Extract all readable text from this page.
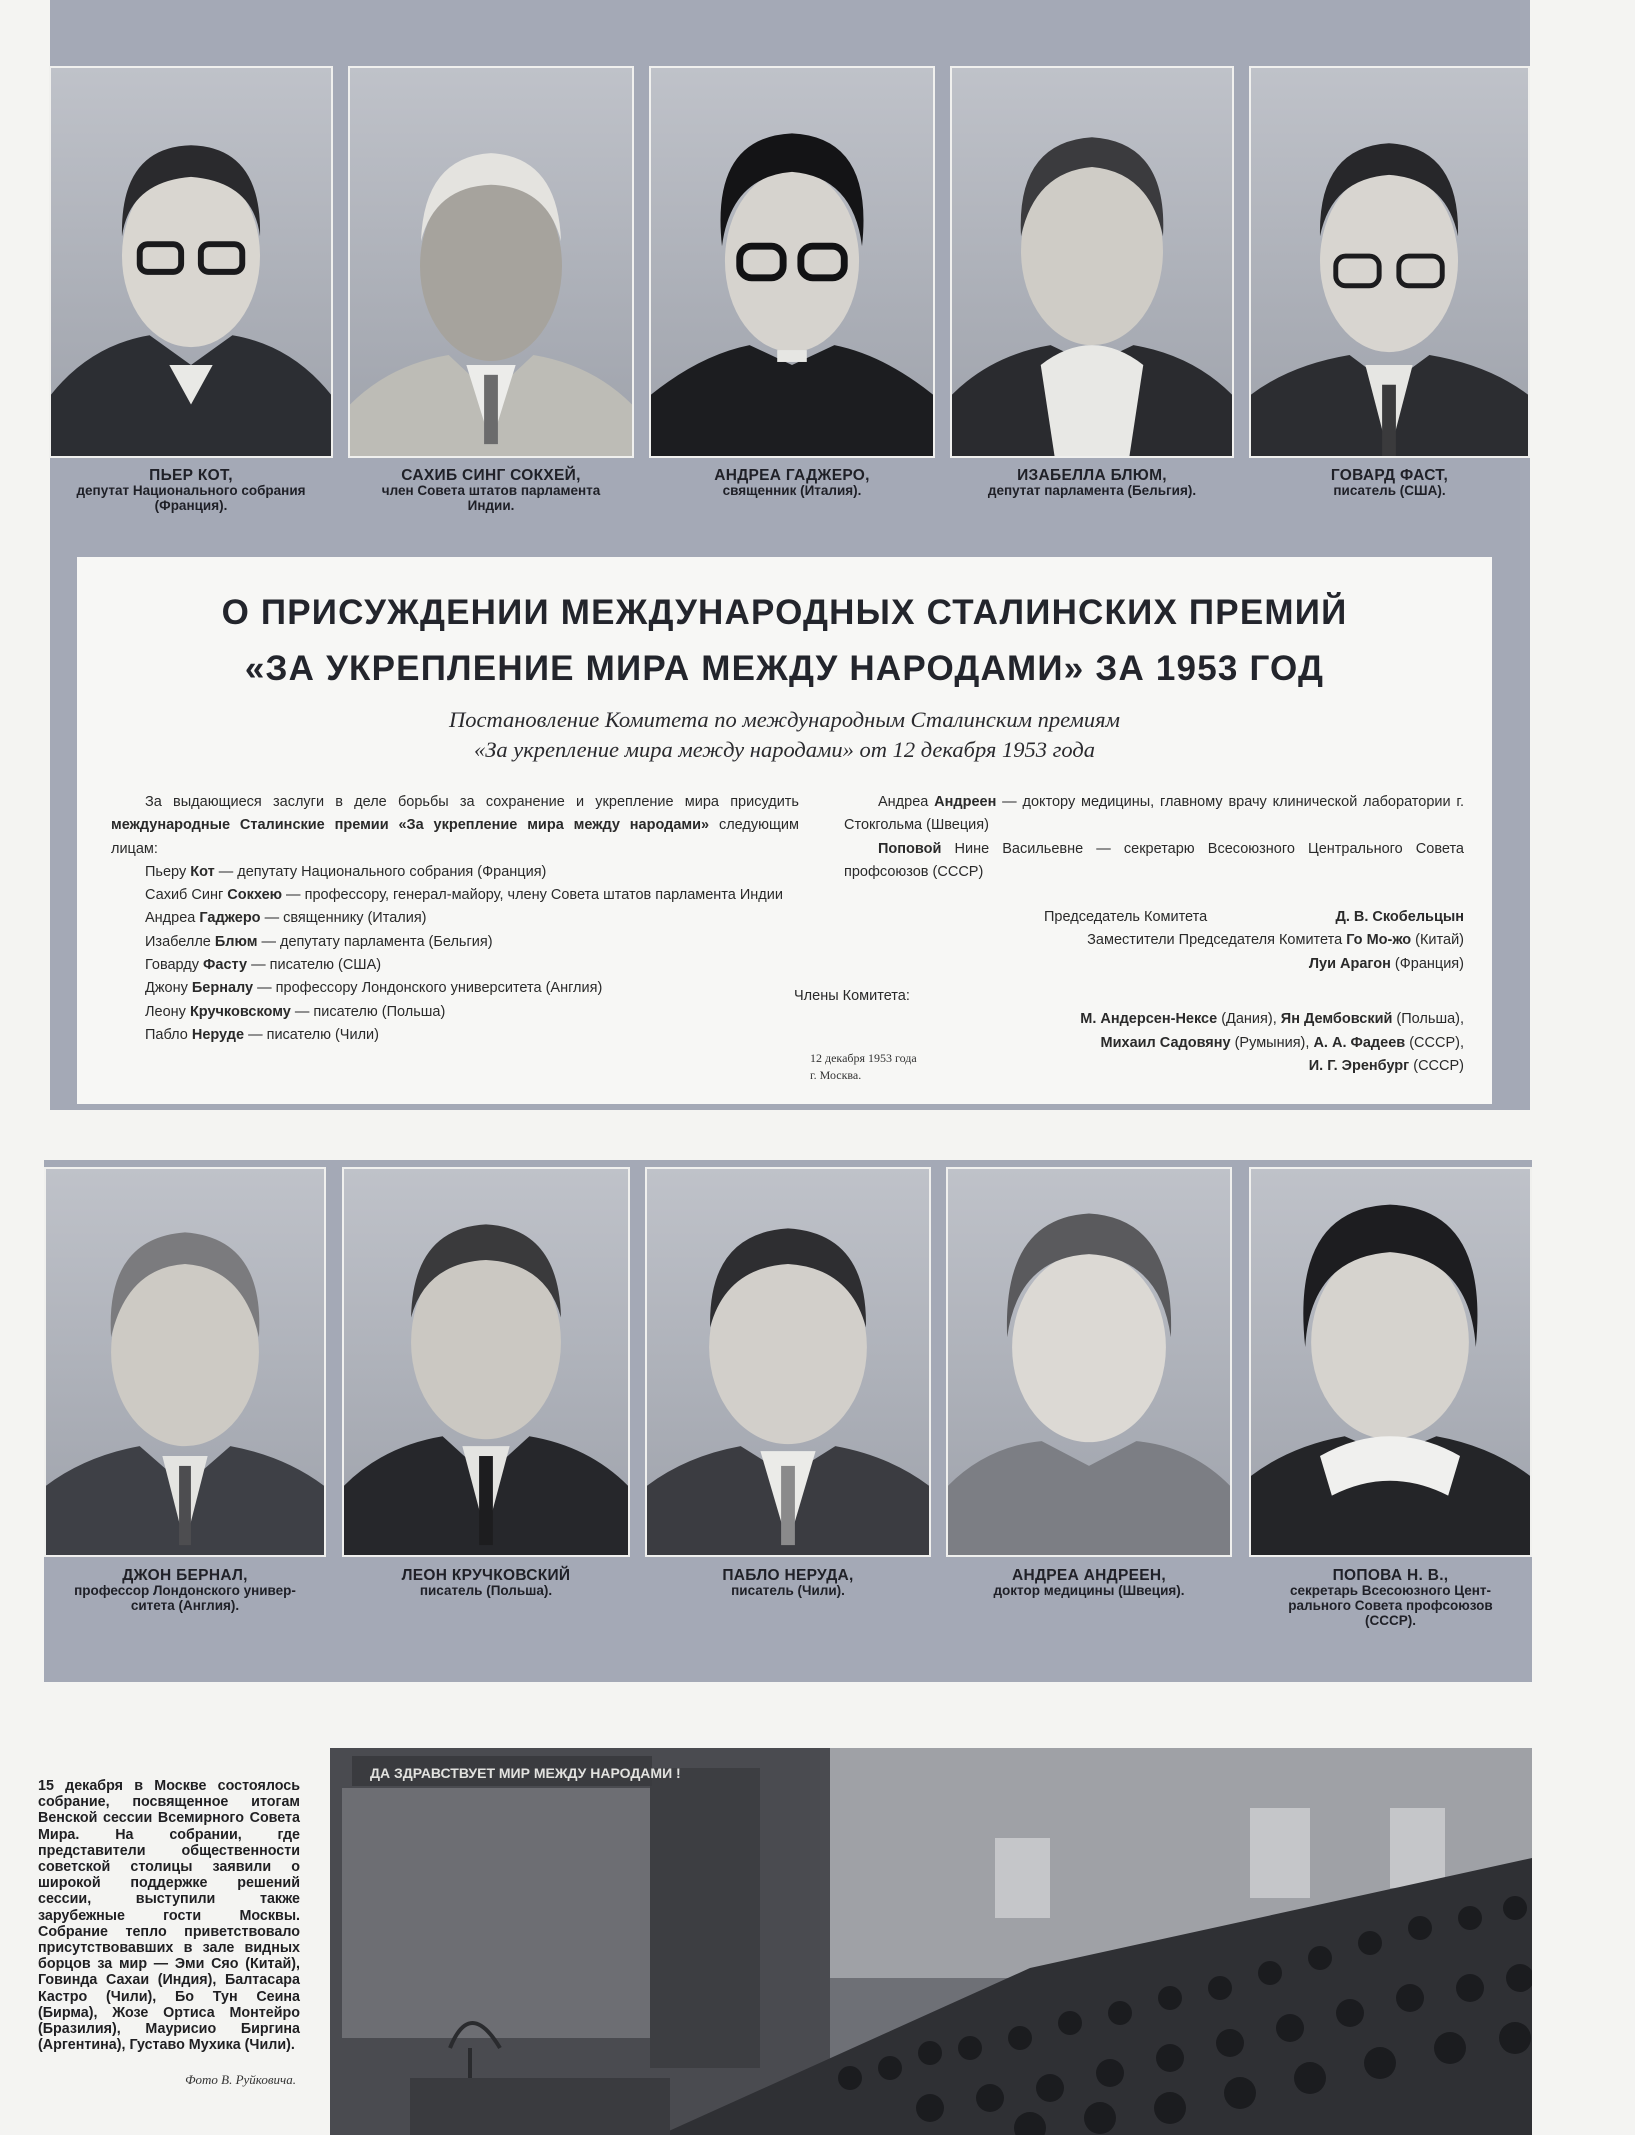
ПЬЕР КОТ,
депутат Национального собрания
(Франция).
САХИБ СИНГ СОКХЕЙ,
член Совета штатов парламента
Индии.
АНДРЕА ГАДЖЕРО,
священник (Италия).
ИЗАБЕЛЛА БЛЮМ,
депутат парламента (Бельгия).
ГОВАРД ФАСТ,
писатель (США).
О ПРИСУЖДЕНИИ МЕЖДУНАРОДНЫХ СТАЛИНСКИХ ПРЕМИЙ
«ЗА УКРЕПЛЕНИЕ МИРА МЕЖДУ НАРОДАМИ» ЗА 1953 ГОД
Постановление Комитета по международным Сталинским премиям
«За укрепление мира между народами» от 12 декабря 1953 года

За выдающиеся заслуги в деле борьбы за сохранение и укрепление мира присудить международные Сталинские премии «За укрепление мира между народами» следующим лицам:

Пьеру Кот — депутату Национального собрания (Франция)

Сахиб Синг Сокхею — профессору, генерал-майору, члену Совета штатов парламента Индии

Андреа Гаджеро — священнику (Италия)

Изабелле Блюм — депутату парламента (Бельгия)

Говарду Фасту — писателю (США)

Джону Берналу — профессору Лондонского университета (Англия)

Леону Кручковскому — писателю (Польша)

Пабло Неруде — писателю (Чили)

Андреа Андреен — доктору медицины, главному врачу клинической лаборатории г. Стокгольма (Швеция)

Поповой Нине Васильевне — секретарю Всесоюзного Центрального Совета профсоюзов (СССР)

Председатель Комитета	Д. В. Скобельцын
Заместители Председателя Комитета Го Мо-жо (Китай)
Луи Арагон (Франция)
Члены Комитета:
М. Андерсен-Нексе (Дания), Ян Дембовский (Польша),
Михаил Садовяну (Румыния), А. А. Фадеев (СССР),
И. Г. Эренбург (СССР)
12 декабря 1953 года
г. Москва.
ДЖОН БЕРНАЛ,
профессор Лондонского универ-
ситета (Англия).
ЛЕОН КРУЧКОВСКИЙ
писатель (Польша).
ПАБЛО НЕРУДА,
писатель (Чили).
АНДРЕА АНДРЕЕН,
доктор медицины (Швеция).
ПОПОВА Н. В.,
секретарь Всесоюзного Цент-
рального Совета профсоюзов
(СССР).
15 декабря в Москве состоялось собрание, посвященное итогам Венской сессии Всемирного Совета Мира. На собрании, где представители общественности советской столицы заявили о широкой поддержке решений сессии, выступили также зарубежные гости Москвы. Собрание тепло приветствовало присутствовавших в зале видных борцов за мир — Эми Сяо (Китай), Говинда Сахаи (Индия), Балтасара Кастро (Чили), Бо Тун Сеина (Бирма), Жозе Ортиса Монтейро (Бразилия), Маурисио Биргина (Аргентина), Густаво Мухика (Чили).
Фото В. Руйковича.
ДА ЗДРАВСТВУЕТ МИР МЕЖДУ НАРОДАМИ !
